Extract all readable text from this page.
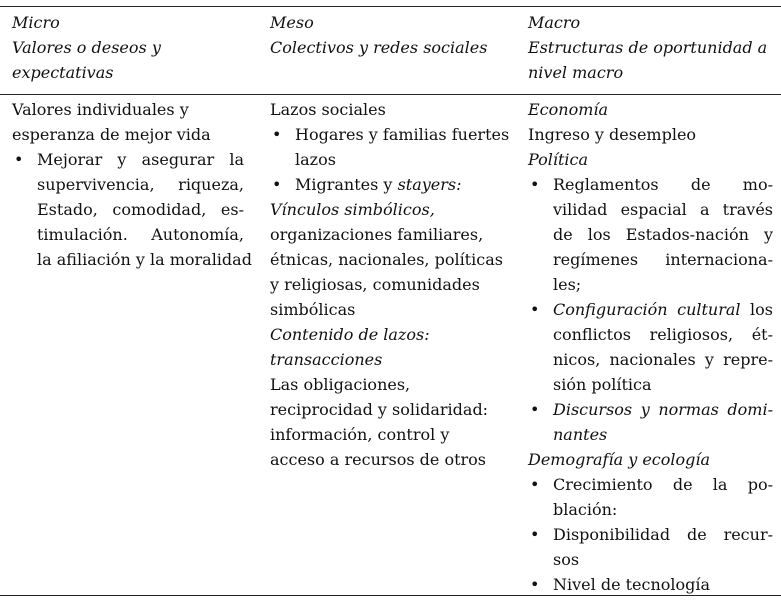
Micro
Valores o deseos y
expectativas
Meso
Colectivos y redes sociales
Macro
Estructuras de oportunidad a
nivel macro
Valores individuales y
esperanza de mejor vida
• Mejorar y asegurar la
supervivencia, riqueza,
Estado, comodidad, es-
timulación. Autonomía,
la afiliación y la moralidad
Lazos sociales
• Hogares y familias fuertes
lazos
• Migrantes y stayers:
Vínculos simbólicos,
organizaciones familiares,
étnicas, nacionales, políticas
y religiosas, comunidades
simbólicas
Contenido de lazos:
transacciones
Las obligaciones,
reciprocidad y solidaridad:
información, control y
acceso a recursos de otros
Economía
Ingreso y desempleo
Política
• Reglamentos de mo-
vilidad espacial a través
de los Estados-nación y
regímenes internaciona-
les;
• Configuración cultural los
conflictos religiosos, ét-
nicos, nacionales y repre-
sión política
• Discursos y normas domi-
nantes
Demografía y ecología
• Crecimiento de la po-
blación:
• Disponibilidad de recur-
sos
• Nivel de tecnología
